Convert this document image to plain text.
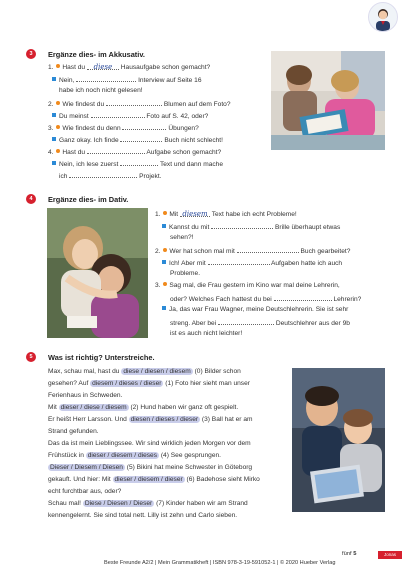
3	Ergänze dies- im Akkusativ.
1. Hast du diese Hausaufgabe schon gemacht?
Nein,	Interview auf Seite 16
habe ich noch nicht gelesen!
2. Wie findest du	Blumen auf dem Foto?
Du meinst	Foto auf S. 42, oder?
3. Wie findest du denn	Übungen?
Ganz okay. Ich finde	Buch nicht schlecht!
4. Hast du	Aufgabe schon gemacht?
Nein, ich lese zuerst	Text und dann mache
ich	Projekt.
4	Ergänze dies- im Dativ.
1. Mit diesem Text habe ich echt Probleme!
Kannst du mit	Brille überhaupt etwas
sehen?!
2. Wer hat schon mal mit	Buch gearbeitet?
Ich! Aber mit	Aufgaben hatte ich auch
Probleme.
3. Sag mal, die Frau gestern im Kino war mal deine Lehrerin,
oder? Welches Fach hattest du bei	Lehrerin?
Ja, das war Frau Wagner, meine Deutschlehrerin. Sie ist sehr
streng. Aber bei	Deutschlehrer aus der 9b
ist es auch nicht leichter!
5	Was ist richtig? Unterstreiche.
Max, schau mal, hast du diese / diesen / diesem (0) Bilder schon
gesehen? Auf diesem / dieses / dieser (1) Foto hier sieht man unser
Ferienhaus in Schweden.
Mit dieser / diese / diesem (2) Hund haben wir ganz oft gespielt.
Er heißt Herr Larsson. Und diesen / dieses / dieser (3) Ball hat er am
Strand gefunden.
Das da ist mein Lieblingssee. Wir sind wirklich jeden Morgen vor dem
Frühstück in dieser / diesem / dieses (4) See gesprungen.
Dieser / Diesem / Diesen (5) Bikini hat meine Schwester in Göteborg
gekauft. Und hier: Mit dieser / diesem / dieser (6) Badehose sieht Mirko
echt furchtbar aus, oder?
Schau mal! Diese / Diesen / Dieser (7) Kinder haben wir am Strand
kennengelernt. Sie sind total nett. Lilly ist zehn und Carlo sieben.
Beste Freunde A2/2 | Mein Grammatikheft | ISBN 978-3-19-591052-1 | © 2020 Hueber Verlag
fünf 5	Jonas
